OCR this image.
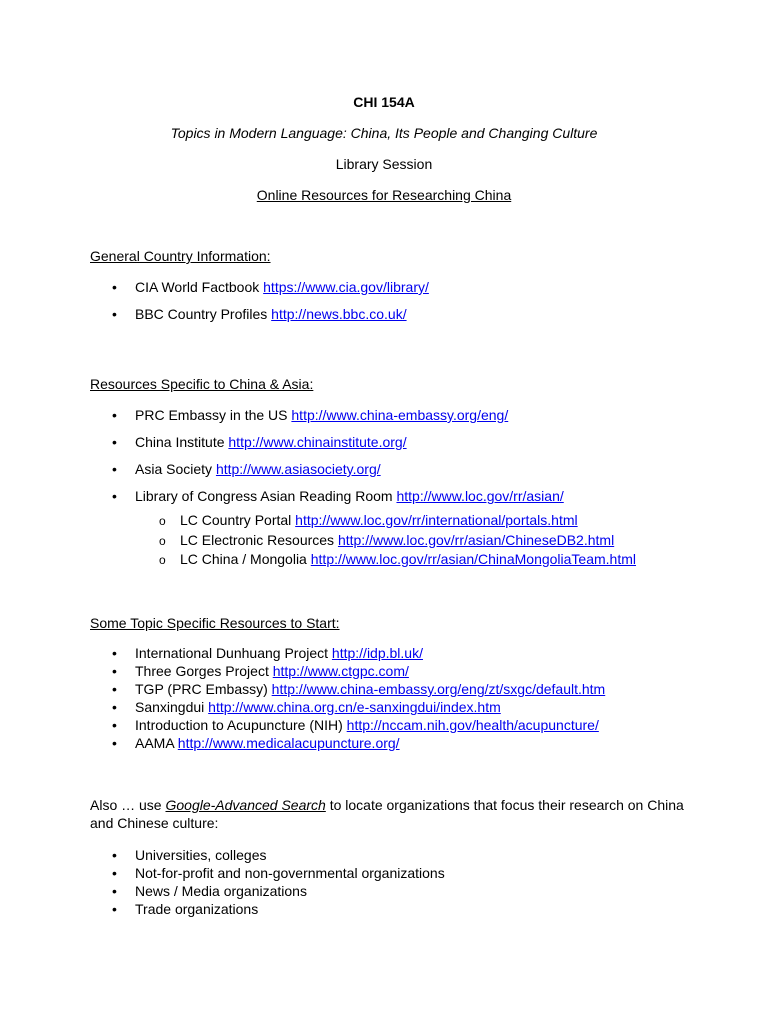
CHI 154A
Topics in Modern Language: China, Its People and Changing Culture
Library Session
Online Resources for Researching China
General Country Information:
• CIA World Factbook https://www.cia.gov/library/
• BBC Country Profiles http://news.bbc.co.uk/
Resources Specific to China & Asia:
• PRC Embassy in the US http://www.china-embassy.org/eng/
• China Institute http://www.chinainstitute.org/
• Asia Society http://www.asiasociety.org/
• Library of Congress Asian Reading Room http://www.loc.gov/rr/asian/
o LC Country Portal http://www.loc.gov/rr/international/portals.html
o LC Electronic Resources http://www.loc.gov/rr/asian/ChineseDB2.html
o LC China / Mongolia http://www.loc.gov/rr/asian/ChinaMongoliaTeam.html
Some Topic Specific Resources to Start:
• International Dunhuang Project http://idp.bl.uk/
• Three Gorges Project http://www.ctgpc.com/
• TGP (PRC Embassy) http://www.china-embassy.org/eng/zt/sxgc/default.htm
• Sanxingdui http://www.china.org.cn/e-sanxingdui/index.htm
• Introduction to Acupuncture (NIH) http://nccam.nih.gov/health/acupuncture/
• AAMA http://www.medicalacupuncture.org/
Also … use Google-Advanced Search to locate organizations that focus their research on China and Chinese culture:
• Universities, colleges
• Not-for-profit and non-governmental organizations
• News / Media organizations
• Trade organizations
